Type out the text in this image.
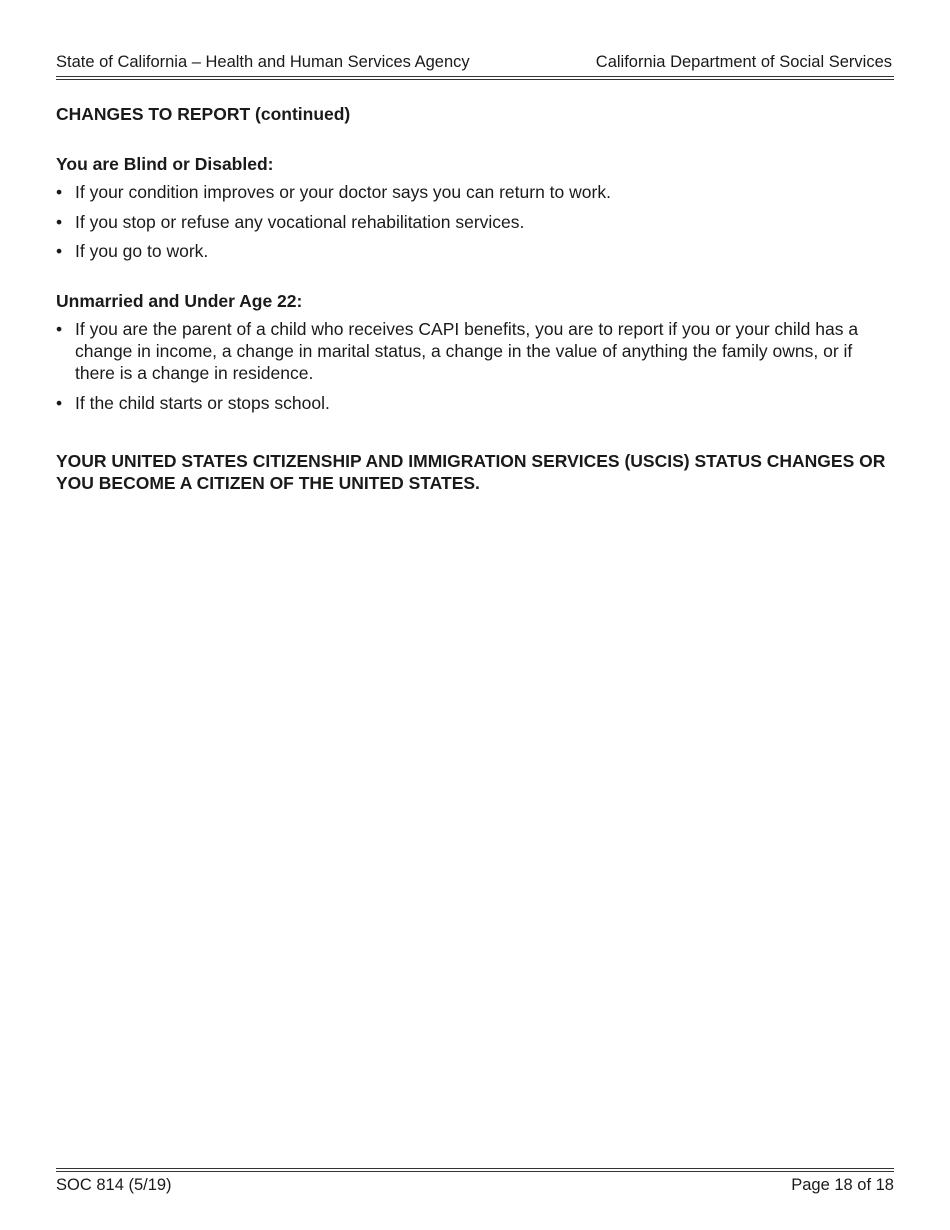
State of California – Health and Human Services Agency	California Department of Social Services

CHANGES TO REPORT (continued)

You are Blind or Disabled:

• If your condition improves or your doctor says you can return to work.
• If you stop or refuse any vocational rehabilitation services.
• If you go to work.

Unmarried and Under Age 22:

• If you are the parent of a child who receives CAPI benefits, you are to report if you or your child has a change in income, a change in marital status, a change in the value of anything the family owns, or if there is a change in residence.
• If the child starts or stops school.

YOUR UNITED STATES CITIZENSHIP AND IMMIGRATION SERVICES (USCIS) STATUS CHANGES OR YOU BECOME A CITIZEN OF THE UNITED STATES.

SOC 814 (5/19)	Page 18 of 18
